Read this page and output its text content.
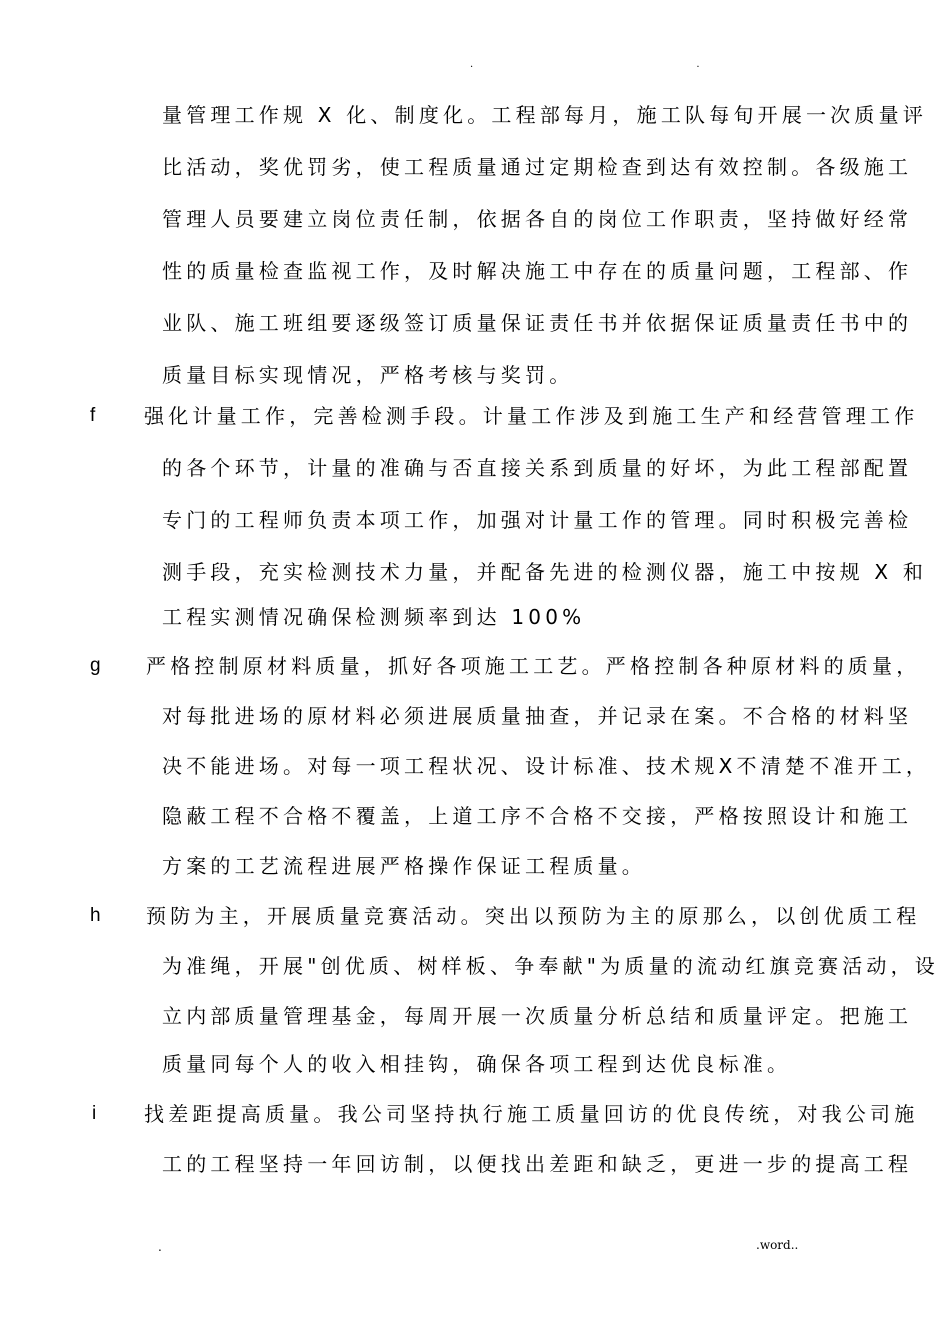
. .
量管理工作规 X 化、制度化。工程部每月，施工队每旬开展一次质量评
比活动，奖优罚劣，使工程质量通过定期检查到达有效控制。各级施工
管理人员要建立岗位责任制，依据各自的岗位工作职责，坚持做好经常
性的质量检查监视工作，及时解决施工中存在的质量问题，工程部、作
业队、施工班组要逐级签订质量保证责任书并依据保证质量责任书中的
质量目标实现情况，严格考核与奖罚。
f 强化计量工作，完善检测手段。计量工作涉及到施工生产和经营管理工作
的各个环节，计量的准确与否直接关系到质量的好坏，为此工程部配置
专门的工程师负责本项工作，加强对计量工作的管理。同时积极完善检
测手段，充实检测技术力量，并配备先进的检测仪器，施工中按规 X 和
工程实测情况确保检测频率到达 100%
g 严格控制原材料质量，抓好各项施工工艺。严格控制各种原材料的质量，
对每批进场的原材料必须进展质量抽查，并记录在案。不合格的材料坚
决不能进场。对每一项工程状况、设计标准、技术规X不清楚不准开工，
隐蔽工程不合格不覆盖，上道工序不合格不交接，严格按照设计和施工
方案的工艺流程进展严格操作保证工程质量。
h 预防为主，开展质量竞赛活动。突出以预防为主的原那么，以创优质工程
为准绳，开展"创优质、树样板、争奉献"为质量的流动红旗竞赛活动，设
立内部质量管理基金，每周开展一次质量分析总结和质量评定。把施工
质量同每个人的收入相挂钩，确保各项工程到达优良标准。
i 找差距提高质量。我公司坚持执行施工质量回访的优良传统，对我公司施
工的工程坚持一年回访制，以便找出差距和缺乏，更进一步的提高工程
.	.word..
